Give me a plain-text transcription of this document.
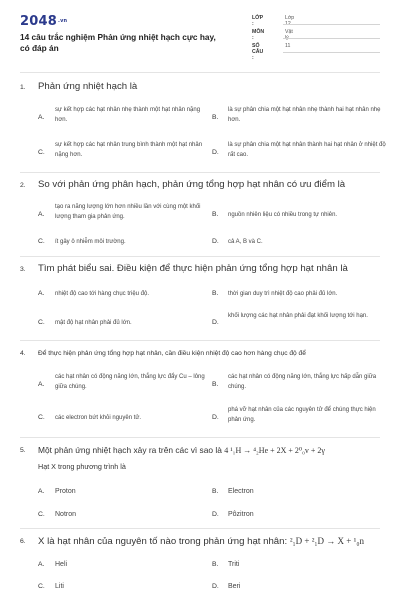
$2048^{.vn}$
14 câu trắc nghiệm Phản ứng nhiệt hạch cực hay, có đáp án
LỚP :
Lớp 12
MÔN :
Vật lý
SỐ CÂU :
11
1. Phản ứng nhiệt hạch là
A.
sự kết hợp các hạt nhân nhẹ thành một hạt nhân nặng hơn.	B.
là sự phân chia một hạt nhân nhẹ thành hai hạt nhân nhẹ hơn.
C.
sự kết hợp các hạt nhân trung bình thành một hạt nhân nặng hơn.	D.
là sự phân chia một hạt nhân thành hai hạt nhân ở nhiệt độ rất cao.
2. So với phản ứng phân hạch, phản ứng tổng hợp hạt nhân có ưu điểm là
A.
tạo ra năng lượng lớn hơn nhiều lần với cùng một khối lượng tham gia phản ứng.	B. nguồn nhiên liệu có nhiều trong tự nhiên.
C. ít gây ô nhiễm môi trường.	D. cả A, B và C.
3. Tìm phát biểu sai. Điều kiện để thực hiện phản ứng tổng hợp hạt nhân là
A. nhiệt độ cao tới hàng chục triệu độ.	B. thời gian duy trì nhiệt độ cao phải đủ lớn.
C. mật độ hạt nhân phải đủ lớn.	D.
khối lượng các hạt nhân phải đạt khối lượng tới hạn.
4. Để thực hiện phản ứng tổng hợp hạt nhân, cần điều kiện nhiệt độ cao hơn hàng chục độ để
A.
các hạt nhân có động năng lớn, thắng lực đẩy Cu – lông giữa chúng.	B.
các hạt nhân có động năng lớn, thắng lực hấp dẫn giữa chúng.
C. các electron bứt khỏi nguyên tử.	D.
phá vỡ hạt nhân của các nguyên tử để chúng thực hiện phản ứng.
5. Một phản ứng nhiệt hạch xảy ra trên các vì sao là 4 ¹₁H → ⁴₂He + 2X + 2⁰₀v + 2γ
Hạt X trong phương trình là
A. Proton	B. Electron
C. Notron	D. Pôzitron
6. X là hạt nhân của nguyên tố nào trong phản ứng hạt nhân: ²₁D + ²₁D → X + ¹₀n
A. Heli	B. Triti
C. Liti	D. Beri
